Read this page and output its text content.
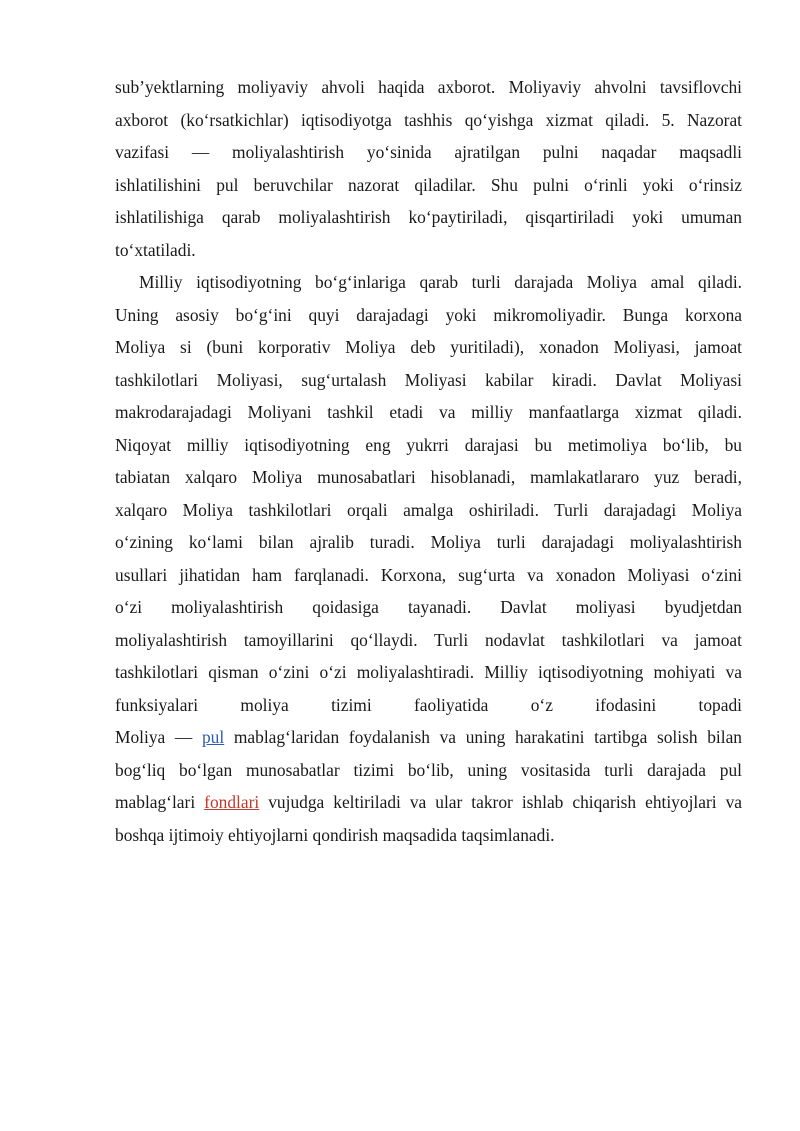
sub’yektlarning moliyaviy ahvoli haqida axborot. Moliyaviy ahvolni tavsiflovchi
axborot (ko‘rsatkichlar) iqtisodiyotga tashhis qo‘yishga xizmat qiladi. 5. Nazorat
vazifasi — moliyalashtirish yo‘sinida ajratilgan pulni naqadar maqsadli
ishlatilishini pul beruvchilar nazorat qiladilar. Shu pulni o‘rinli yoki o‘rinsiz
ishlatilishiga qarab moliyalashtirish ko‘paytiriladi, qisqartiriladi yoki umuman
to‘xtatiladi.
Milliy iqtisodiyotning bo‘g‘inlariga qarab turli darajada Moliya amal qiladi.
Uning asosiy bo‘g‘ini quyi darajadagi yoki mikromoliyadir. Bunga korxona
Moliya si (buni korporativ Moliya deb yuritiladi), xonadon Moliyasi, jamoat
tashkilotlari Moliyasi, sug‘urtalash Moliyasi kabilar kiradi. Davlat Moliyasi
makrodarajadagi Moliyani tashkil etadi va milliy manfaatlarga xizmat qiladi.
Niqoyat milliy iqtisodiyotning eng yukrri darajasi bu metimoliya bo‘lib, bu
tabiatan xalqaro Moliya munosabatlari hisoblanadi, mamlakatlararo yuz beradi,
xalqaro Moliya tashkilotlari orqali amalga oshiriladi. Turli darajadagi Moliya
o‘zining ko‘lami bilan ajralib turadi. Moliya turli darajadagi moliyalashtirish
usullari jihatidan ham farqlanadi. Korxona, sug‘urta va xonadon Moliyasi o‘zini
o‘zi moliyalashtirish qoidasiga tayanadi. Davlat moliyasi byudjetdan
moliyalashtirish tamoyillarini qo‘llaydi. Turli nodavlat tashkilotlari va jamoat
tashkilotlari qisman o‘zini o‘zi moliyalashtiradi. Milliy iqtisodiyotning mohiyati va
funksiyalari moliya tizimi faoliyatida o‘z ifodasini topadi
Moliya — pul mablag‘laridan foydalanish va uning harakatini tartibga solish bilan
bog‘liq bo‘lgan munosabatlar tizimi bo‘lib, uning vositasida turli darajada pul
mablag‘lari fondlari vujudga keltiriladi va ular takror ishlab chiqarish ehtiyojlari va
boshqa ijtimoiy ehtiyojlarni qondirish maqsadida taqsimlanadi.
